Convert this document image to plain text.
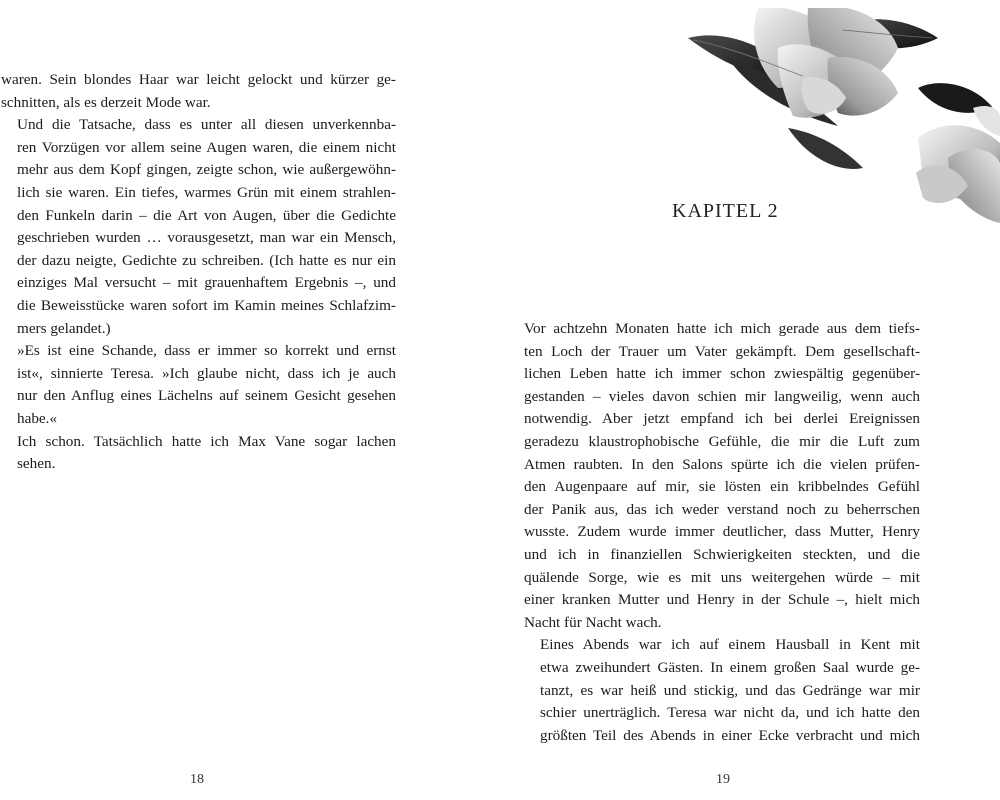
waren. Sein blondes Haar war leicht gelockt und kürzer ge-
schnitten, als es derzeit Mode war.
Und die Tatsache, dass es unter all diesen unverkennba-
ren Vorzügen vor allem seine Augen waren, die einem nicht
mehr aus dem Kopf gingen, zeigte schon, wie außergewöhn-
lich sie waren. Ein tiefes, warmes Grün mit einem strahlen-
den Funkeln darin – die Art von Augen, über die Gedichte
geschrieben wurden … vorausgesetzt, man war ein Mensch,
der dazu neigte, Gedichte zu schreiben. (Ich hatte es nur ein
einziges Mal versucht – mit grauenhaftem Ergebnis –, und
die Beweisstücke waren sofort im Kamin meines Schlafzim-
mers gelandet.)
»Es ist eine Schande, dass er immer so korrekt und ernst
ist«, sinnierte Teresa. »Ich glaube nicht, dass ich je auch
nur den Anflug eines Lächelns auf seinem Gesicht gesehen
habe.«
Ich schon. Tatsächlich hatte ich Max Vane sogar lachen
sehen.
18
KAPITEL 2
Vor achtzehn Monaten hatte ich mich gerade aus dem tiefs-
ten Loch der Trauer um Vater gekämpft. Dem gesellschaft-
lichen Leben hatte ich immer schon zwiespältig gegenüber-
gestanden – vieles davon schien mir langweilig, wenn auch
notwendig. Aber jetzt empfand ich bei derlei Ereignissen
geradezu klaustrophobische Gefühle, die mir die Luft zum
Atmen raubten. In den Salons spürte ich die vielen prüfen-
den Augenpaare auf mir, sie lösten ein kribbelndes Gefühl
der Panik aus, das ich weder verstand noch zu beherrschen
wusste. Zudem wurde immer deutlicher, dass Mutter, Henry
und ich in finanziellen Schwierigkeiten steckten, und die
quälende Sorge, wie es mit uns weitergehen würde – mit
einer kranken Mutter und Henry in der Schule –, hielt mich
Nacht für Nacht wach.
Eines Abends war ich auf einem Hausball in Kent mit
etwa zweihundert Gästen. In einem großen Saal wurde ge-
tanzt, es war heiß und stickig, und das Gedränge war mir
schier unerträglich. Teresa war nicht da, und ich hatte den
größten Teil des Abends in einer Ecke verbracht und mich
19
